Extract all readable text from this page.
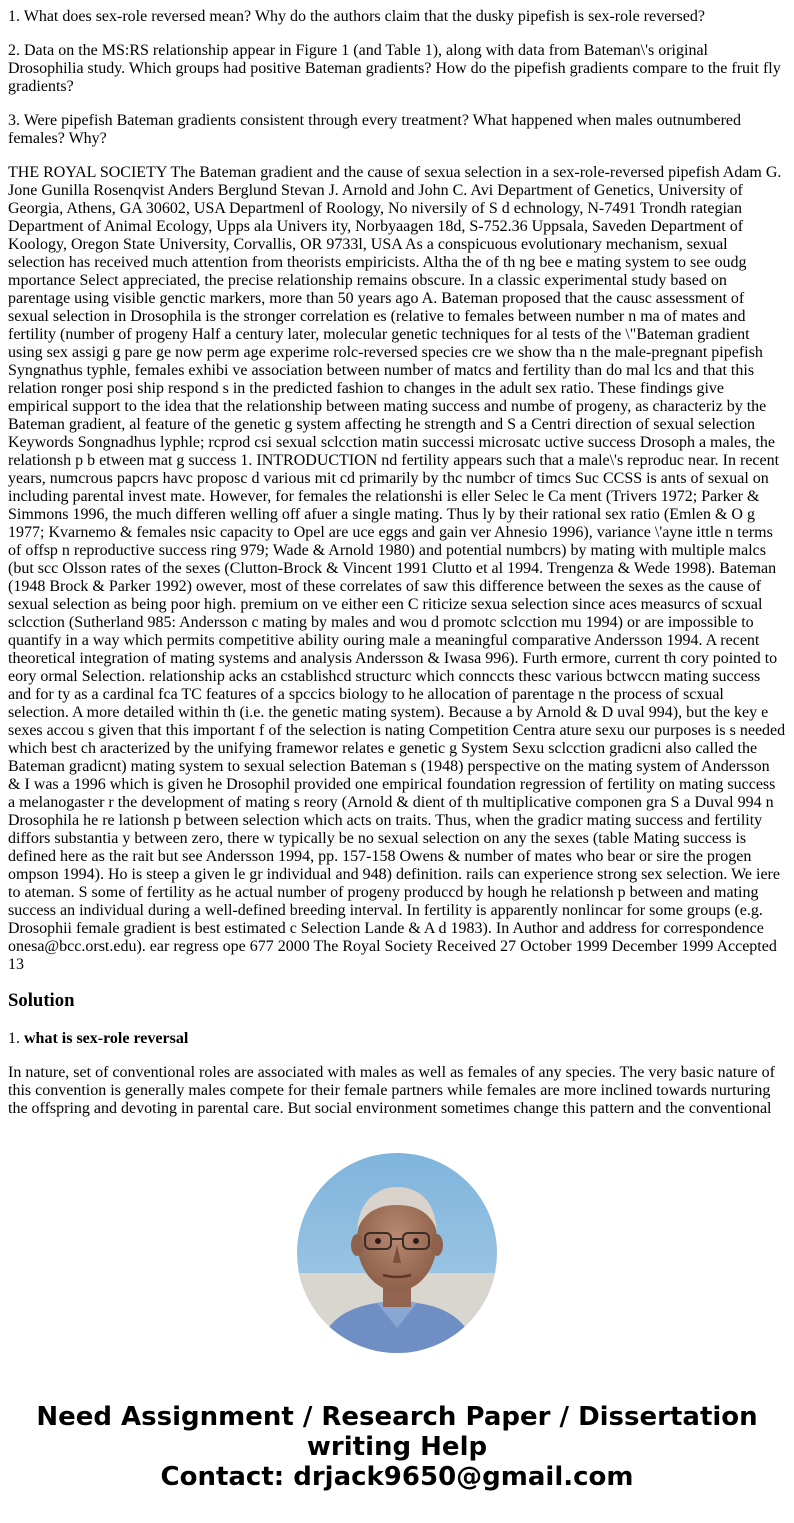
1. What does sex-role reversed mean? Why do the authors claim that the dusky pipefish is sex-role reversed?

2. Data on the MS:RS relationship appear in Figure 1 (and Table 1), along with data from Bateman\'s original Drosophilia study. Which groups had positive Bateman gradients? How do the pipefish gradients compare to the fruit fly gradients?

3. Were pipefish Bateman gradients consistent through every treatment? What happened when males outnumbered females? Why?

THE ROYAL SOCIETY The Bateman gradient and the cause of sexua selection in a sex-role-reversed pipefish Adam G. Jone Gunilla Rosenqvist Anders Berglund Stevan J. Arnold and John C. Avi Department of Genetics, University of Georgia, Athens, GA 30602, USA Departmenl of Roology, No niversily of S d echnology, N-7491 Trondh rategian Department of Animal Ecology, Upps ala Univers ity, Norbyaagen 18d, S-752.36 Uppsala, Saveden Department of Koology, Oregon State University, Corvallis, OR 9733l, USA As a conspicuous evolutionary mechanism, sexual selection has received much attention from theorists empiricists. Altha the of th ng bee e mating system to see oudg mportance Select appreciated, the precise relationship remains obscure. In a classic experimental study based on parentage using visible genctic markers, more than 50 years ago A. Bateman proposed that the causc assessment of sexual selection in Drosophila is the stronger correlation es (relative to females between number n ma of mates and fertility (number of progeny Half a century later, molecular genetic techniques for al tests of the \"Bateman gradient using sex assigi g pare ge now perm age experime rolc-reversed species cre we show tha n the male-pregnant pipefish Syngnathus typhle, females exhibi ve association between number of matcs and fertility than do mal lcs and that this relation ronger posi ship respond s in the predicted fashion to changes in the adult sex ratio. These findings give empirical support to the idea that the relationship between mating success and numbe of progeny, as characteriz by the Bateman gradient, al feature of the genetic g system affecting he strength and S a Centri direction of sexual selection Keywords Songnadhus lyphle; rcprod csi sexual sclcction matin successi microsatc uctive success Drosoph a males, the relationsh p b etween mat g success 1. INTRODUCTION nd fertility appears such that a male\'s reproduc near. In recent years, numcrous papcrs havc proposc d various mit cd primarily by thc numbcr of timcs Suc CCSS is ants of sexual on including parental invest mate. However, for females the relationshi is eller Selec le Ca ment (Trivers 1972; Parker & Simmons 1996, the much differen welling off afuer a single mating. Thus ly by their rational sex ratio (Emlen & O g 1977; Kvarnemo & females nsic capacity to Opel are uce eggs and gain ver Ahnesio 1996), variance \'ayne ittle n terms of offsp n reproductive success ring 979; Wade & Arnold 1980) and potential numbcrs) by mating with multiple malcs (but scc Olsson rates of the sexes (Clutton-Brock & Vincent 1991 Clutto et al 1994. Trengenza & Wede 1998). Bateman (1948 Brock & Parker 1992) owever, most of these correlates of saw this difference between the sexes as the cause of sexual selection as being poor high. premium on ve either een C riticize sexua selection since aces measurcs of scxual sclcction (Sutherland 985: Andersson c mating by males and wou d promotc sclcction mu 1994) or are impossible to quantify in a way which permits competitive ability ouring male a meaningful comparative Andersson 1994. A recent theoretical integration of mating systems and analysis Andersson & Iwasa 996). Furth ermore, current th cory pointed to eory ormal Selection. relationship acks an cstablishcd structurc which connccts thesc various bctwccn mating success and for ty as a cardinal fca TC features of a spccics biology to he allocation of parentage n the process of scxual selection. A more detailed within th (i.e. the genetic mating system). Because a by Arnold & D uval 994), but the key e sexes accou s given that this important f of the selection is nating Competition Centra ature sexu our purposes is s needed which best ch aracterized by the unifying framewor relates e genetic g System Sexu sclcction gradicni also called the Bateman gradicnt) mating system to sexual selection Bateman s (1948) perspective on the mating system of Andersson & I was a 1996 which is given he Drosophil provided one empirical foundation regression of fertility on mating success a melanogaster r the development of mating s reory (Arnold & dient of th multiplicative componen gra S a Duval 994 n Drosophila he re lationsh p between selection which acts on traits. Thus, when the gradicr mating success and fertility diffors substantia y between zero, there w typically be no sexual selection on any the sexes (table Mating success is defined here as the rait but see Andersson 1994, pp. 157-158 Owens & number of mates who bear or sire the progen ompson 1994). Ho is steep a given le gr individual and 948) definition. rails can experience strong sex selection. We iere to ateman. S some of fertility as he actual number of progeny produccd by hough he relationsh p between and mating success an individual during a well-defined breeding interval. In fertility is apparently nonlincar for some groups (e.g. Drosophii female gradient is best estimated c Selection Lande & A d 1983). In Author and address for correspondence onesa@bcc.orst.edu). ear regress ope 677 2000 The Royal Society Received 27 October 1999 December 1999 Accepted 13

Solution

1. what is sex-role reversal

In nature, set of conventional roles are associated with males as well as females of any species. The very basic nature of this convention is generally males compete for their female partners while females are more inclined towards nurturing the offspring and devoting in parental care. But social environment sometimes change this pattern and the conventional

Need Assignment / Research Paper / Dissertation
writing Help
Contact: drjack9650@gmail.com
